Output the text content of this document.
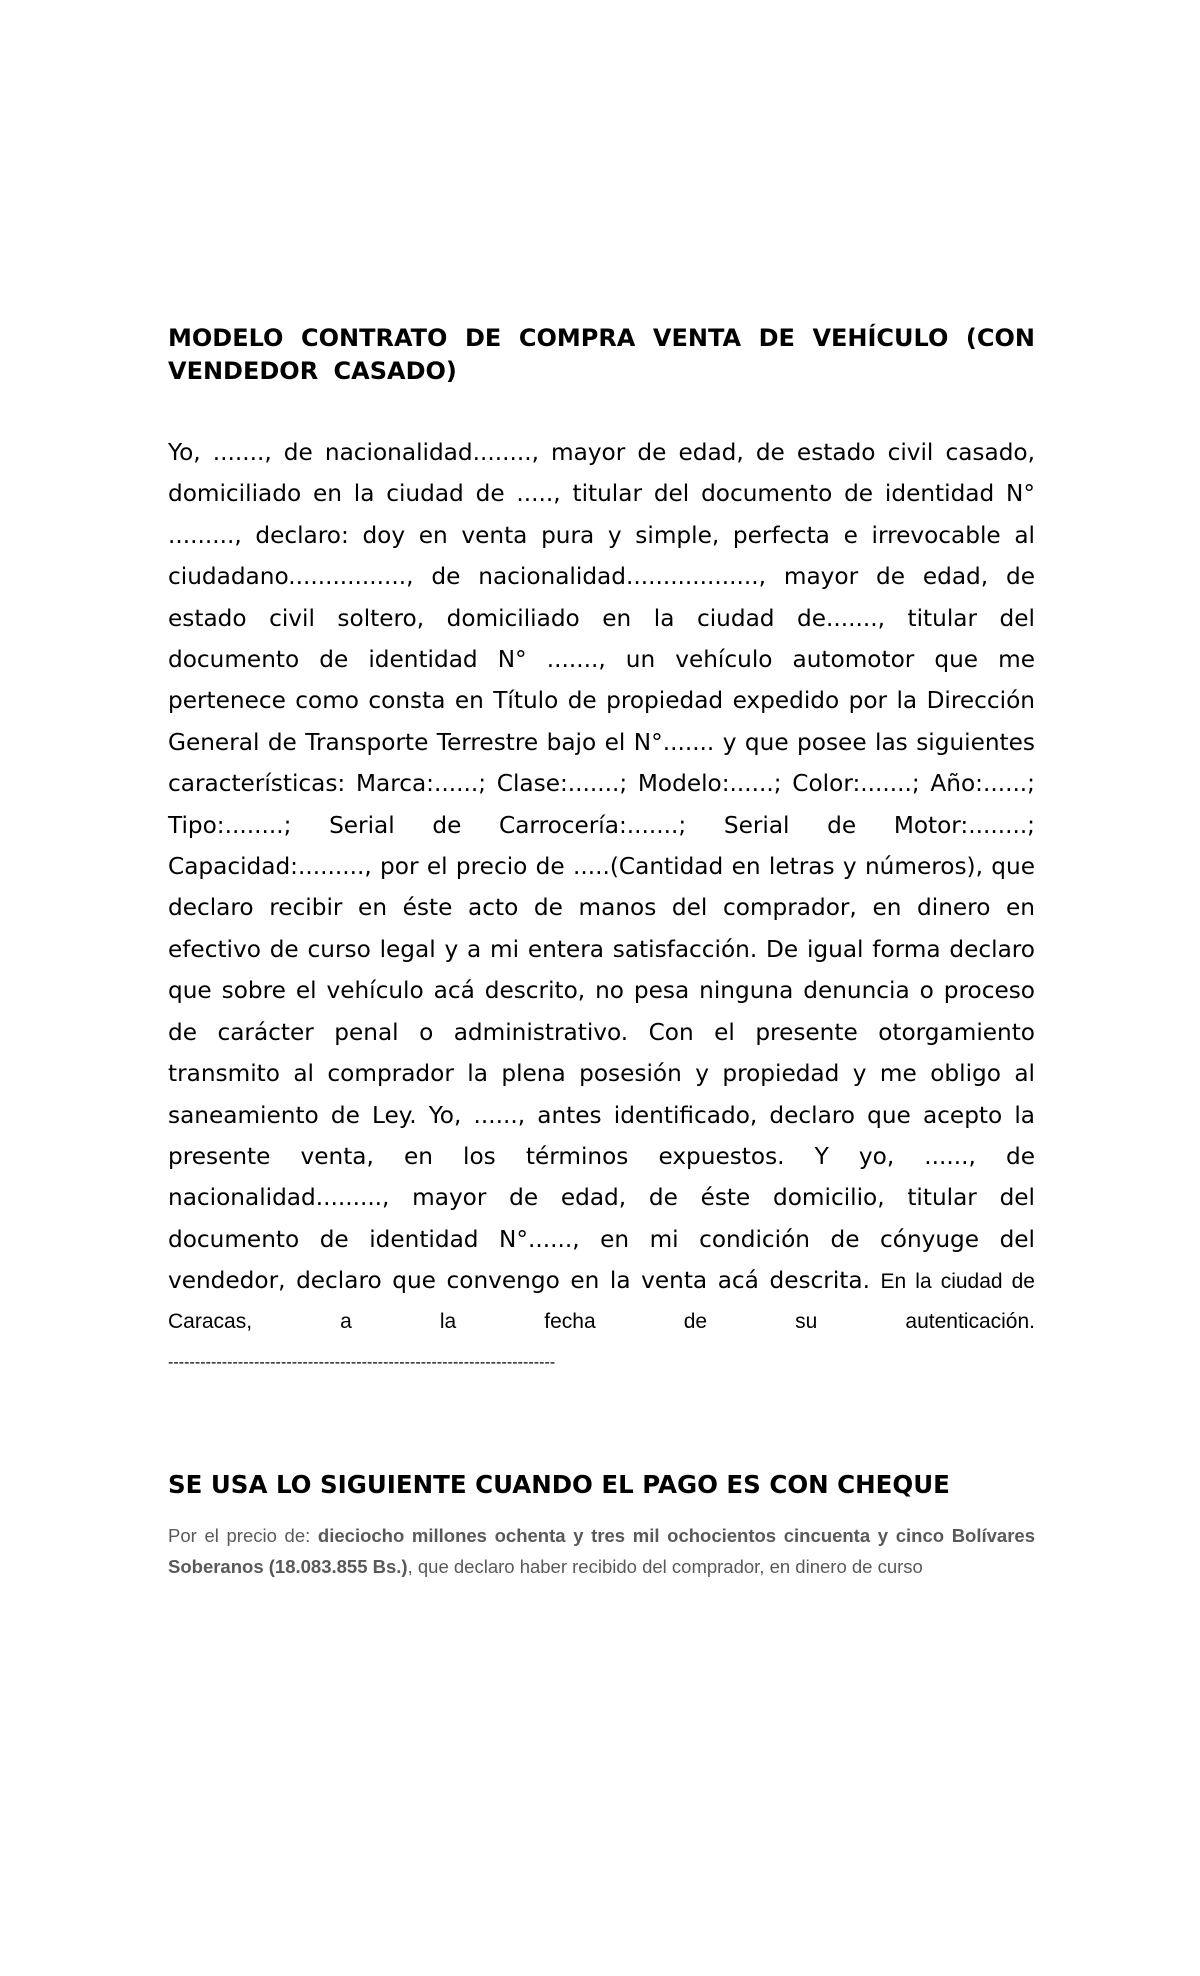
MODELO CONTRATO DE COMPRA VENTA DE VEHÍCULO (CON VENDEDOR CASADO)

Yo, ......., de nacionalidad........, mayor de edad, de estado civil casado, domiciliado en la ciudad de ....., titular del documento de identidad N° ........., declaro: doy en venta pura y simple, perfecta e irrevocable al ciudadano................, de nacionalidad.................., mayor de edad, de estado civil soltero, domiciliado en la ciudad de......., titular del documento de identidad N° ......., un vehículo automotor que me pertenece como consta en Título de propiedad expedido por la Dirección General de Transporte Terrestre bajo el N°....... y que posee las siguientes características: Marca:......; Clase:.......; Modelo:......; Color:.......; Año:......; Tipo:........; Serial de Carrocería:.......; Serial de Motor:........; Capacidad:........., por el precio de .....(Cantidad en letras y números), que declaro recibir en éste acto de manos del comprador, en dinero en efectivo de curso legal y a mi entera satisfacción. De igual forma declaro que sobre el vehículo acá descrito, no pesa ninguna denuncia o proceso de carácter penal o administrativo. Con el presente otorgamiento transmito al comprador la plena posesión y propiedad y me obligo al saneamiento de Ley. Yo, ......, antes identificado, declaro que acepto la presente venta, en los términos expuestos. Y yo, ......, de nacionalidad........., mayor de edad, de éste domicilio, titular del documento de identidad N°......, en mi condición de cónyuge del vendedor, declaro que convengo en la venta acá descrita. En la ciudad de

Caracas, a la fecha de su autenticación.

------------------------------------------------------------------------

SE USA LO SIGUIENTE CUANDO EL PAGO ES CON CHEQUE

Por el precio de: dieciocho millones ochenta y tres mil ochocientos cincuenta y cinco Bolívares Soberanos (18.083.855 Bs.), que declaro haber recibido del comprador, en dinero de curso
